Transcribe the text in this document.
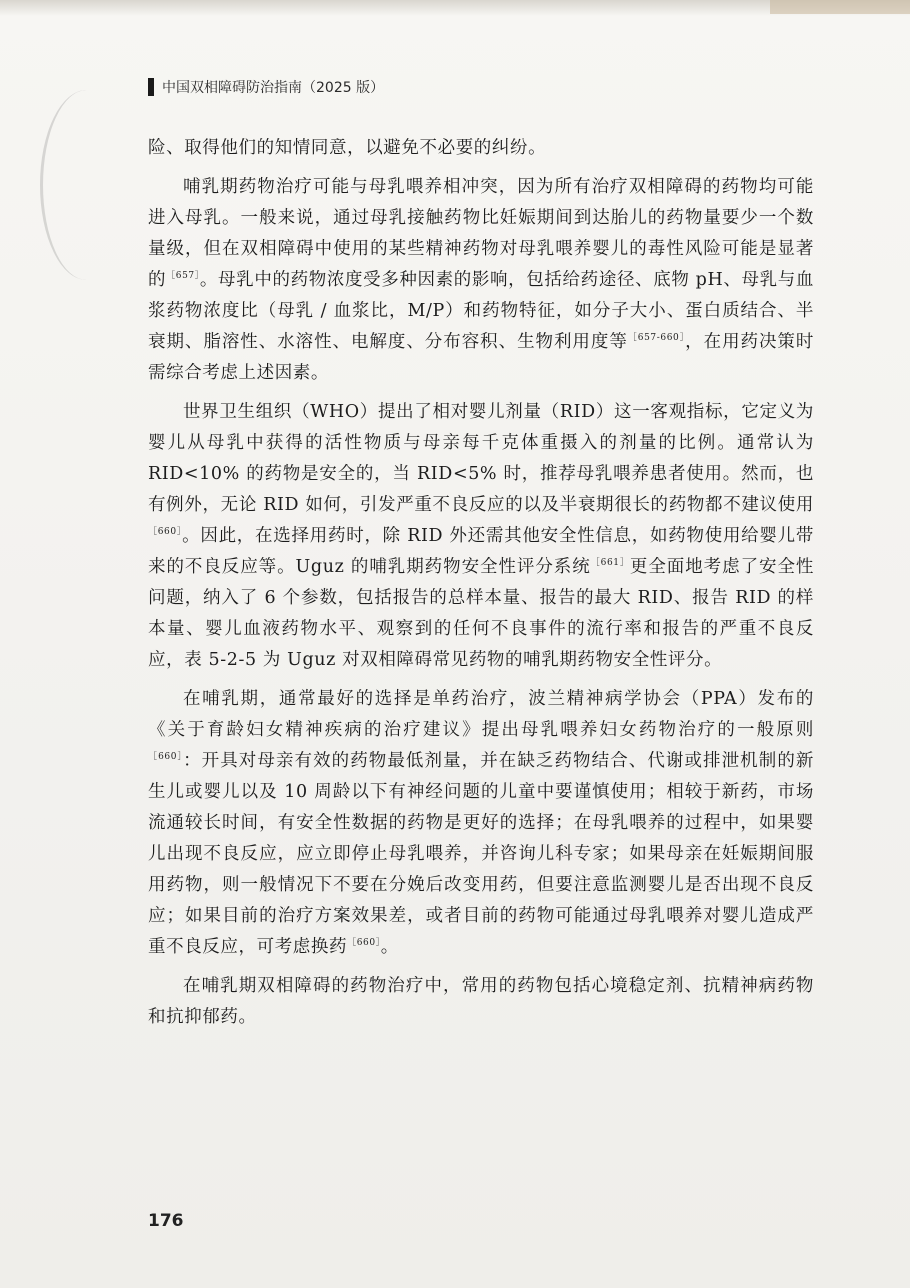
中国双相障碍防治指南（2025 版）

险、取得他们的知情同意，以避免不必要的纠纷。

哺乳期药物治疗可能与母乳喂养相冲突，因为所有治疗双相障碍的药物均可能进入母乳。一般来说，通过母乳接触药物比妊娠期间到达胎儿的药物量要少一个数量级，但在双相障碍中使用的某些精神药物对母乳喂养婴儿的毒性风险可能是显著的$^{[657]}$。母乳中的药物浓度受多种因素的影响，包括给药途径、底物 pH、母乳与血浆药物浓度比（母乳 / 血浆比，M/P）和药物特征，如分子大小、蛋白质结合、半衰期、脂溶性、水溶性、电解度、分布容积、生物利用度等$^{[657-660]}$，在用药决策时需综合考虑上述因素。

世界卫生组织（WHO）提出了相对婴儿剂量（RID）这一客观指标，它定义为婴儿从母乳中获得的活性物质与母亲每千克体重摄入的剂量的比例。通常认为 RID<10% 的药物是安全的，当 RID<5% 时，推荐母乳喂养患者使用。然而，也有例外，无论 RID 如何，引发严重不良反应的以及半衰期很长的药物都不建议使用$^{[660]}$。因此，在选择用药时，除 RID 外还需其他安全性信息，如药物使用给婴儿带来的不良反应等。Uguz 的哺乳期药物安全性评分系统$^{[661]}$更全面地考虑了安全性问题，纳入了 6 个参数，包括报告的总样本量、报告的最大 RID、报告 RID 的样本量、婴儿血液药物水平、观察到的任何不良事件的流行率和报告的严重不良反应，表 5-2-5 为 Uguz 对双相障碍常见药物的哺乳期药物安全性评分。

在哺乳期，通常最好的选择是单药治疗，波兰精神病学协会（PPA）发布的《关于育龄妇女精神疾病的治疗建议》提出母乳喂养妇女药物治疗的一般原则$^{[660]}$：开具对母亲有效的药物最低剂量，并在缺乏药物结合、代谢或排泄机制的新生儿或婴儿以及 10 周龄以下有神经问题的儿童中要谨慎使用；相较于新药，市场流通较长时间，有安全性数据的药物是更好的选择；在母乳喂养的过程中，如果婴儿出现不良反应，应立即停止母乳喂养，并咨询儿科专家；如果母亲在妊娠期间服用药物，则一般情况下不要在分娩后改变用药，但要注意监测婴儿是否出现不良反应；如果目前的治疗方案效果差，或者目前的药物可能通过母乳喂养对婴儿造成严重不良反应，可考虑换药$^{[660]}$。

在哺乳期双相障碍的药物治疗中，常用的药物包括心境稳定剂、抗精神病药物和抗抑郁药。

176
